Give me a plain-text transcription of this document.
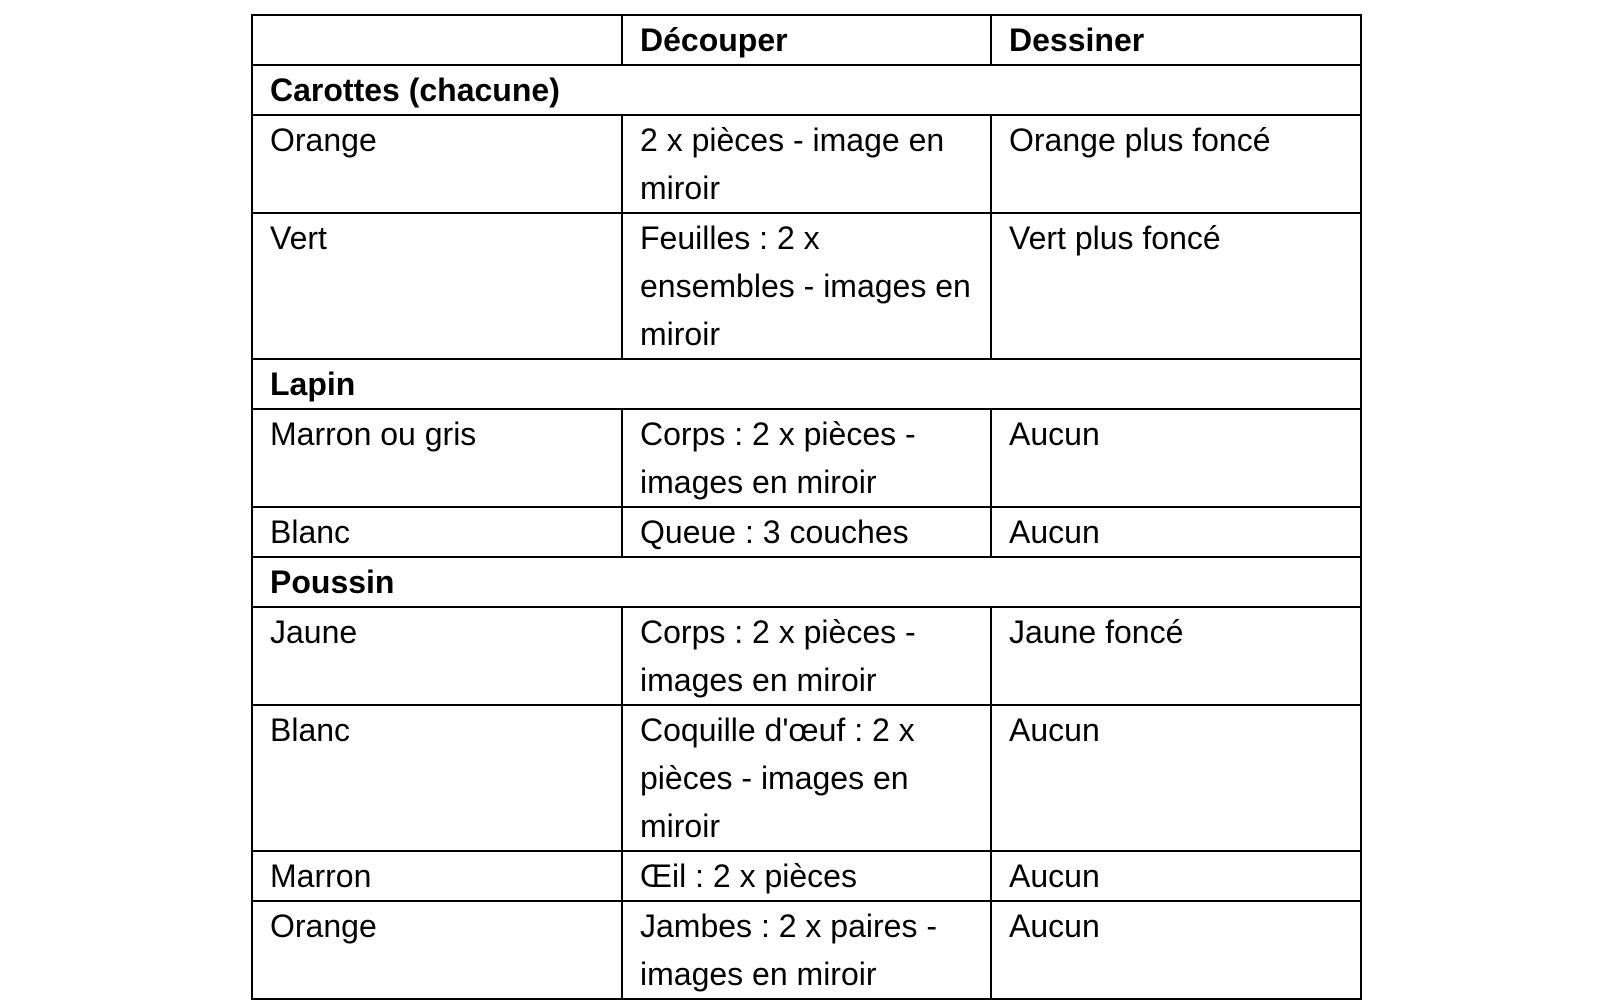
	Découper	Dessiner
Carottes (chacune)		
Orange	2 x pièces - image en miroir	Orange plus foncé
Vert	Feuilles : 2 x ensembles - images en miroir	Vert plus foncé
Lapin		
Marron ou gris	Corps : 2 x pièces - images en miroir	Aucun
Blanc	Queue : 3 couches	Aucun
Poussin		
Jaune	Corps : 2 x pièces - images en miroir	Jaune foncé
Blanc	Coquille d'œuf : 2 x pièces - images en miroir	Aucun
Marron	Œil : 2 x pièces	Aucun
Orange	Jambes : 2 x paires - images en miroir	Aucun
